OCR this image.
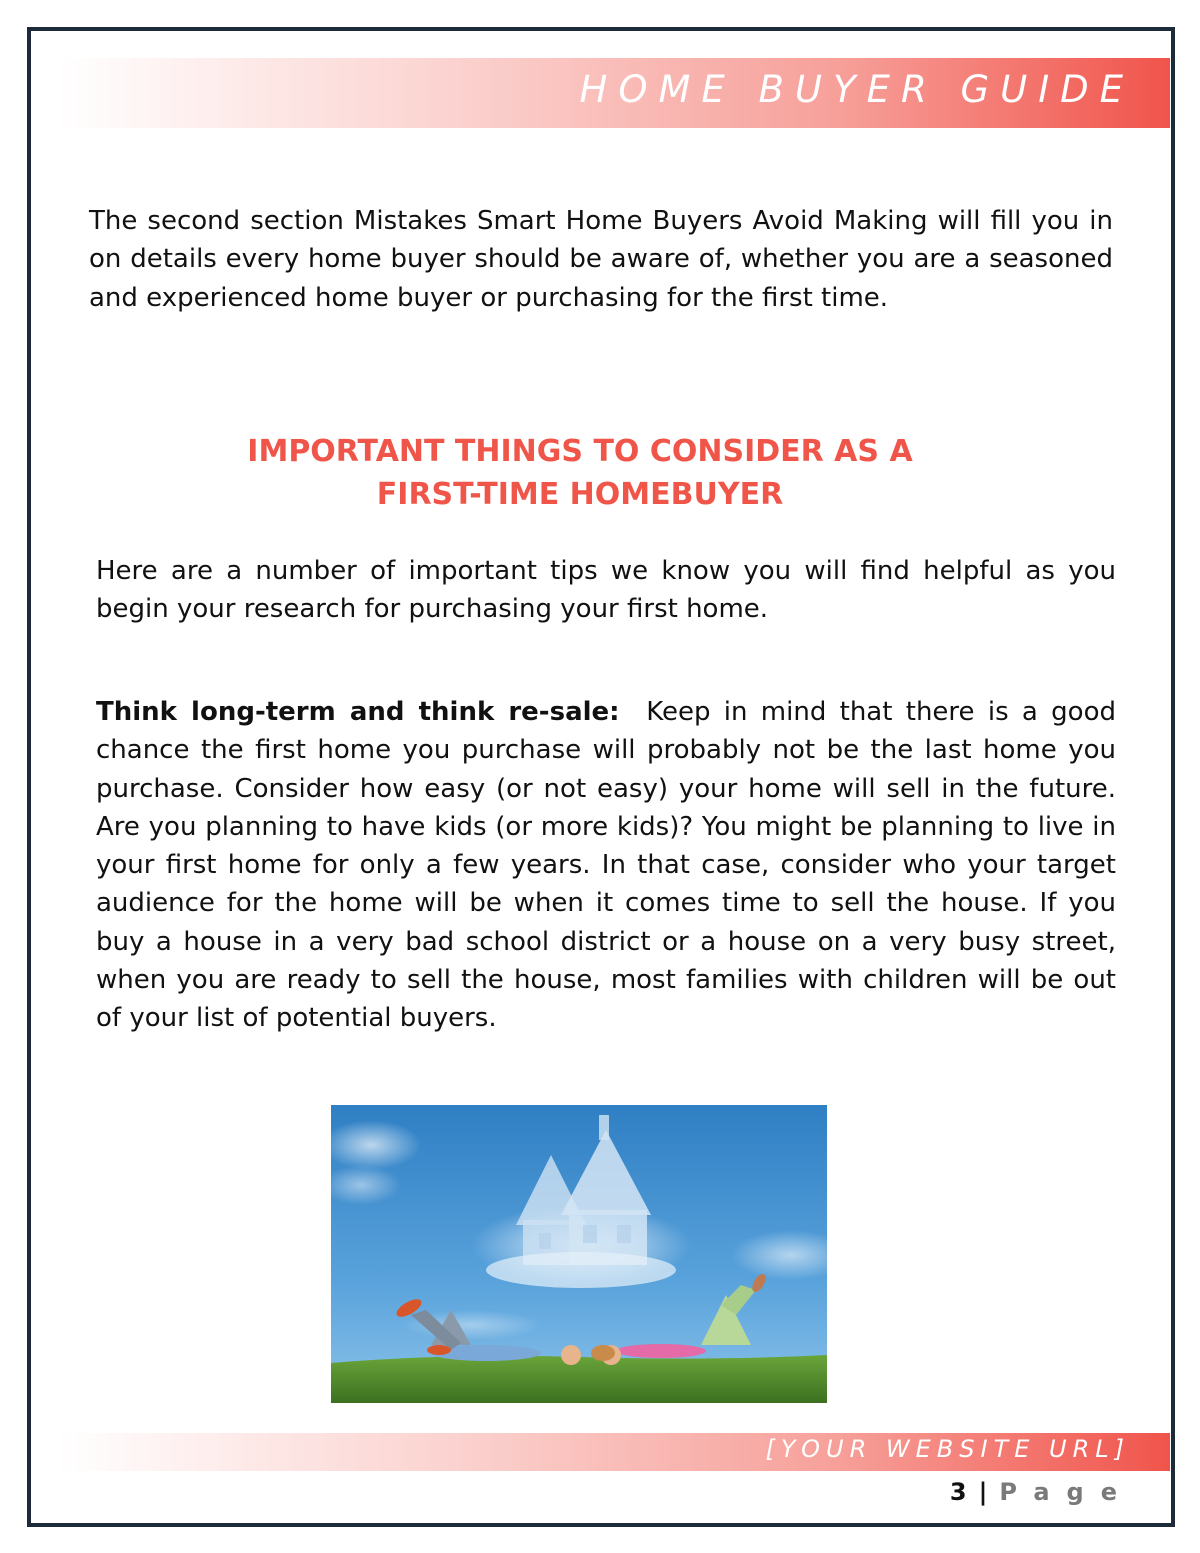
HOME BUYER GUIDE

The second section Mistakes Smart Home Buyers Avoid Making will fill you in on details every home buyer should be aware of, whether you are a seasoned and experienced home buyer or purchasing for the first time.

IMPORTANT THINGS TO CONSIDER AS A
FIRST-TIME HOMEBUYER

Here are a number of important tips we know you will find helpful as you begin your research for purchasing your first home.

Think long-term and think re-sale: Keep in mind that there is a good chance the first home you purchase will probably not be the last home you purchase. Consider how easy (or not easy) your home will sell in the future. Are you planning to have kids (or more kids)? You might be planning to live in your first home for only a few years. In that case, consider who your target audience for the home will be when it comes time to sell the house. If you buy a house in a very bad school district or a house on a very busy street, when you are ready to sell the house, most families with children will be out of your list of potential buyers.

[YOUR WEBSITE URL]
3 | Page
